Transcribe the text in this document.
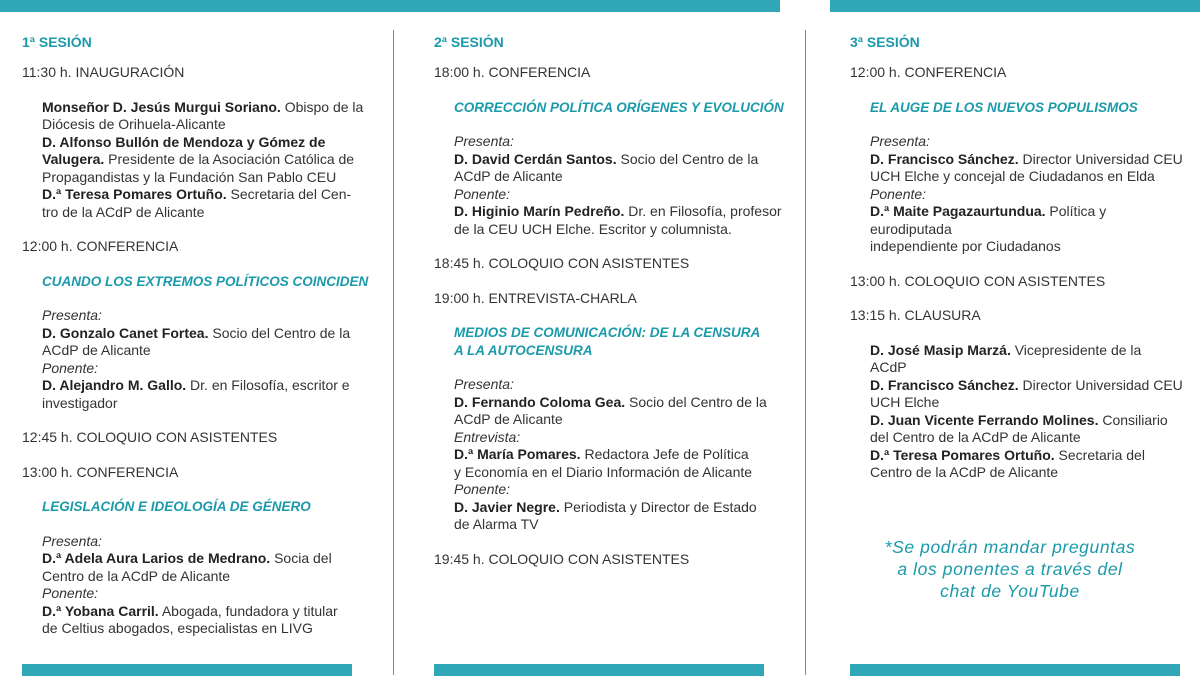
1ª SESIÓN
11:30 h. INAUGURACIÓN

Monseñor D. Jesús Murgui Soriano. Obispo de la

Diócesis de Orihuela-Alicante

D. Alfonso Bullón de Mendoza y Gómez de

Valugera. Presidente de la Asociación Católica de

Propagandistas y la Fundación San Pablo CEU

D.ª Teresa Pomares Ortuño. Secretaria del Cen-

tro de la ACdP de Alicante

12:00 h. CONFERENCIA
CUANDO LOS EXTREMOS POLÍTICOS COINCIDEN
Presenta:

D. Gonzalo Canet Fortea. Socio del Centro de la

ACdP de Alicante

Ponente:

D. Alejandro M. Gallo. Dr. en Filosofía, escritor e

investigador

12:45 h. COLOQUIO CON ASISTENTES
13:00 h. CONFERENCIA
LEGISLACIÓN E IDEOLOGÍA DE GÉNERO
Presenta:

D.ª Adela Aura Larios de Medrano. Socia del

Centro de la ACdP de Alicante

Ponente:

D.ª Yobana Carril. Abogada, fundadora y titular

de Celtius abogados, especialistas en LIVG

2ª SESIÓN
18:00 h. CONFERENCIA
CORRECCIÓN POLÍTICA ORÍGENES Y EVOLUCIÓN
Presenta:

D. David Cerdán Santos. Socio del Centro de la

ACdP de Alicante

Ponente:

D. Higinio Marín Pedreño. Dr. en Filosofía, profesor

de la CEU UCH Elche. Escritor y columnista.

18:45 h. COLOQUIO CON ASISTENTES
19:00 h. ENTREVISTA-CHARLA
MEDIOS DE COMUNICACIÓN: DE LA CENSURA
A LA AUTOCENSURA
Presenta:

D. Fernando Coloma Gea. Socio del Centro de la

ACdP de Alicante

Entrevista:

D.ª María Pomares. Redactora Jefe de Política

y Economía en el Diario Información de Alicante

Ponente:

D. Javier Negre. Periodista y Director de Estado

de Alarma TV

19:45 h. COLOQUIO CON ASISTENTES
3ª SESIÓN
12:00 h. CONFERENCIA
EL AUGE DE LOS NUEVOS POPULISMOS
Presenta:

D. Francisco Sánchez. Director Universidad CEU

UCH Elche y concejal de Ciudadanos en Elda

Ponente:

D.ª Maite Pagazaurtundua. Política y eurodiputada

independiente por Ciudadanos

13:00 h. COLOQUIO CON ASISTENTES
13:15 h. CLAUSURA

D. José Masip Marzá. Vicepresidente de la

ACdP

D. Francisco Sánchez. Director Universidad CEU

UCH Elche

D. Juan Vicente Ferrando Molines. Consiliario

del Centro de la ACdP de Alicante

D.ª Teresa Pomares Ortuño. Secretaria del

Centro de la ACdP de Alicante

*Se podrán mandar preguntas
a los ponentes a través del
chat de YouTube
